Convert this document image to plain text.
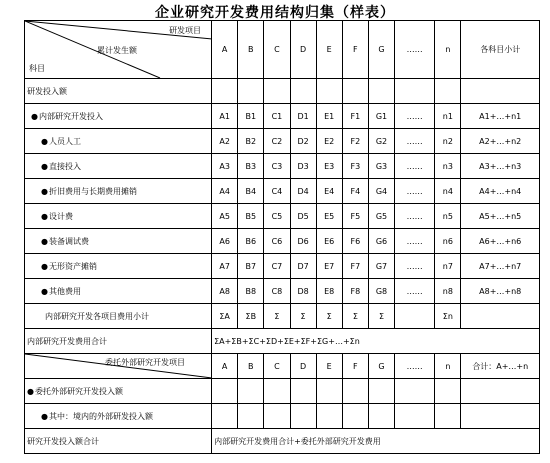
企业研究开发费用结构归集（样表）
研发项目
累计发生额
科目	A	B	C	D	E	F	G	……	n	各科目小计
研发投入额										
●内部研究开发投入	A1	B1	C1	D1	E1	F1	G1	……	n1	A1+…+n1
●人员人工	A2	B2	C2	D2	E2	F2	G2	……	n2	A2+…+n2
●直接投入	A3	B3	C3	D3	E3	F3	G3	……	n3	A3+…+n3
●折旧费用与长期费用摊销	A4	B4	C4	D4	E4	F4	G4	……	n4	A4+…+n4
●设计费	A5	B5	C5	D5	E5	F5	G5	……	n5	A5+…+n5
●装备调试费	A6	B6	C6	D6	E6	F6	G6	……	n6	A6+…+n6
●无形资产摊销	A7	B7	C7	D7	E7	F7	G7	……	n7	A7+…+n7
●其他费用	A8	B8	C8	D8	E8	F8	G8	……	n8	A8+…+n8
内部研究开发各项目费用小计	ΣA	ΣB	Σ	Σ	Σ	Σ	Σ		Σn	
内部研究开发费用合计	ΣA+ΣB+ΣC+ΣD+ΣE+ΣF+ΣG+…+Σn									

委托外部研究开发项目	A	B	C	D	E	F	G	……	n	合计：A+…+n
●委托外部研究开发投入额										
●其中：境内的外部研发投入额										
研究开发投入额合计	内部研究开发费用合计+委托外部研究开发费用									
